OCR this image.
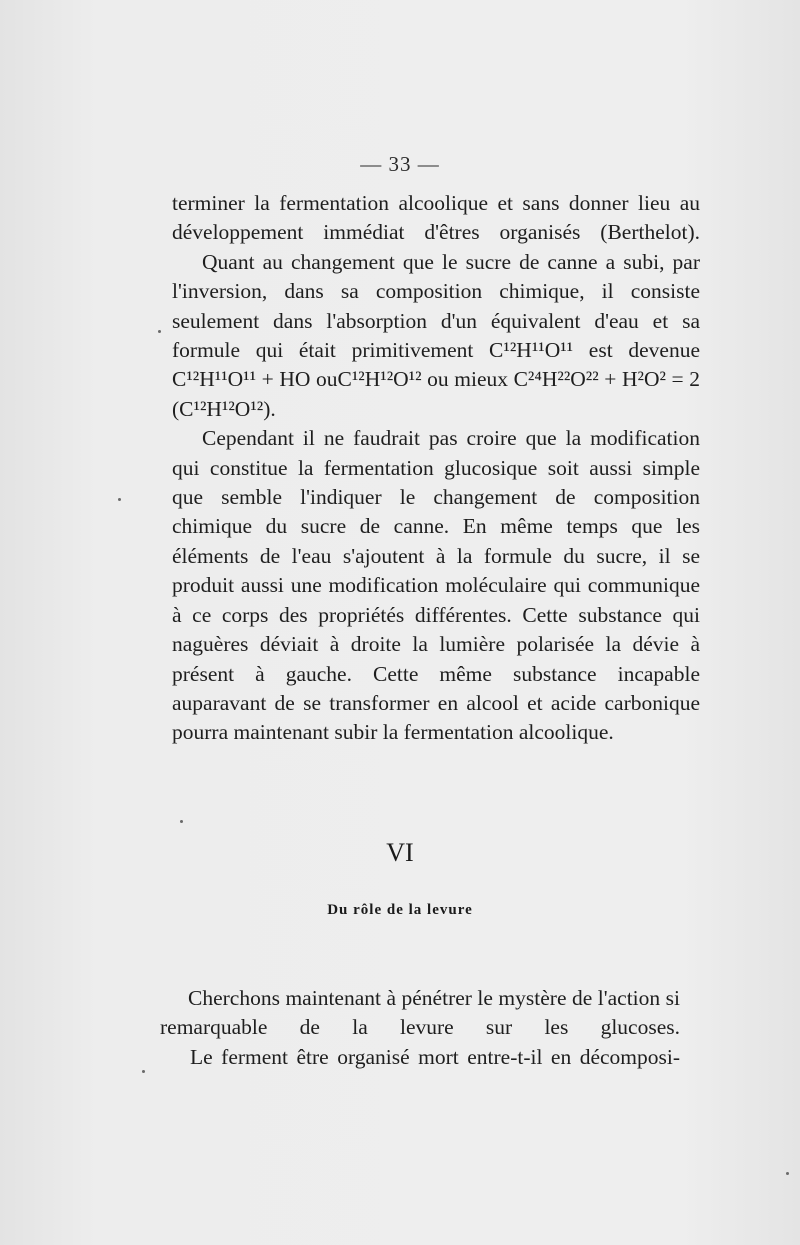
— 33 —

terminer la fermentation alcoolique et sans donner lieu au développement immédiat d'êtres organisés (Berthelot).

Quant au changement que le sucre de canne a subi, par l'inversion, dans sa composition chimique, il consiste seulement dans l'absorption d'un équivalent d'eau et sa formule qui était primitivement C¹²H¹¹O¹¹ est devenue C¹²H¹¹O¹¹ + HO ouC¹²H¹²O¹² ou mieux C²⁴H²²O²² + H²O² = 2 (C¹²H¹²O¹²).

Cependant il ne faudrait pas croire que la modification qui constitue la fermentation glucosique soit aussi simple que semble l'indiquer le changement de composition chimique du sucre de canne. En même temps que les éléments de l'eau s'ajoutent à la formule du sucre, il se produit aussi une modification moléculaire qui communique à ce corps des propriétés différentes. Cette substance qui naguères déviait à droite la lumière polarisée la dévie à présent à gauche. Cette même substance incapable auparavant de se transformer en alcool et acide carbonique pourra maintenant subir la fermentation alcoolique.

VI
Du rôle de la levure

Cherchons maintenant à pénétrer le mystère de l'action si remarquable de la levure sur les glucoses.

Le ferment être organisé mort entre-t-il en décomposi-
